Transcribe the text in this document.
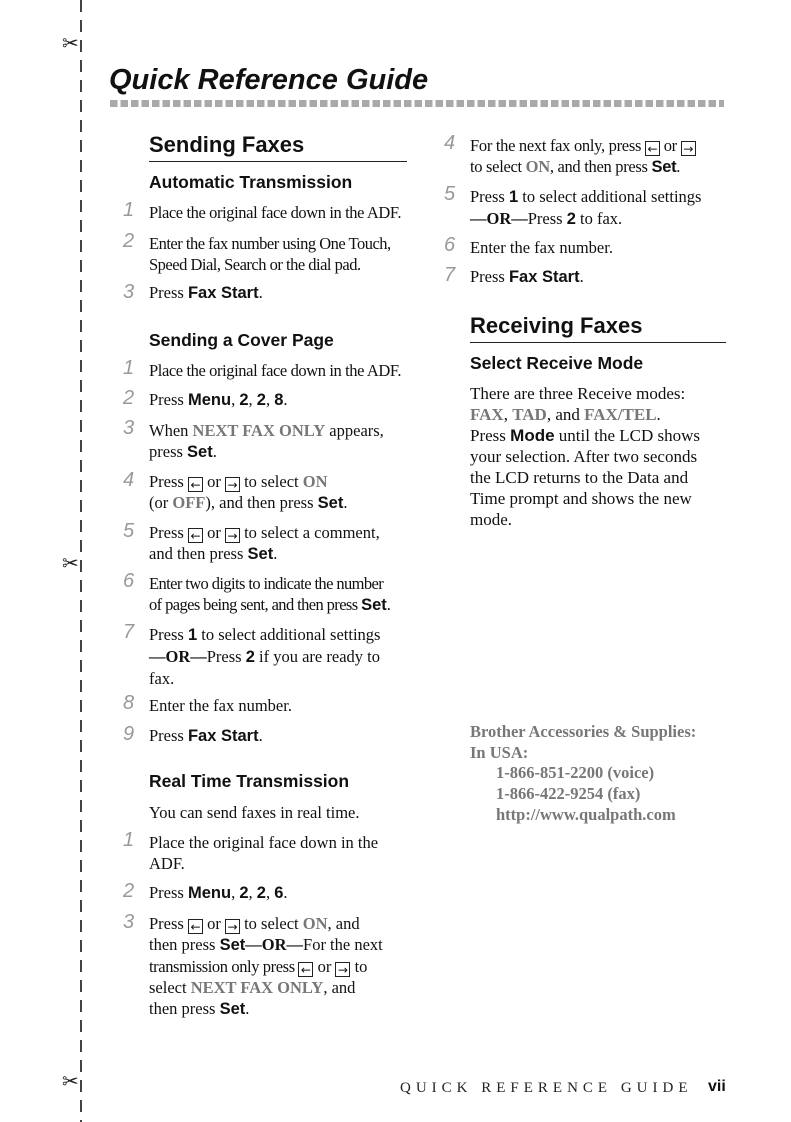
✂
✂
✂
Quick Reference Guide
Sending Faxes
Automatic Transmission
1 Place the original face down in the ADF.
2 Enter the fax number using One Touch,
Speed Dial, Search or the dial pad.
3 Press Fax Start.
Sending a Cover Page
1 Place the original face down in the ADF.
2 Press Menu, 2, 2, 8.
3 When NEXT FAX ONLY appears,
press Set.
4 Press ← or → to select ON
(or OFF), and then press Set.
5 Press ← or → to select a comment,
and then press Set.
6 Enter two digits to indicate the number
of pages being sent, and then press Set.
7 Press 1 to select additional settings
—OR—Press 2 if you are ready to
fax.
8 Enter the fax number.
9 Press Fax Start.
Real Time Transmission
You can send faxes in real time.
1 Place the original face down in the
ADF.
2 Press Menu, 2, 2, 6.
3 Press ← or → to select ON, and
then press Set—OR—For the next
transmission only press ← or → to
select NEXT FAX ONLY, and
then press Set.
4 For the next fax only, press ← or →
to select ON, and then press Set.
5 Press 1 to select additional settings
—OR—Press 2 to fax.
6 Enter the fax number.
7 Press Fax Start.
Receiving Faxes
Select Receive Mode
There are three Receive modes:
FAX, TAD, and FAX/TEL.
Press Mode until the LCD shows
your selection. After two seconds
the LCD returns to the Data and
Time prompt and shows the new
mode.
Brother Accessories & Supplies:
In USA:
1-866-851-2200 (voice)
1-866-422-9254 (fax)
http://www.qualpath.com
QUICK REFERENCE GUIDE vii
